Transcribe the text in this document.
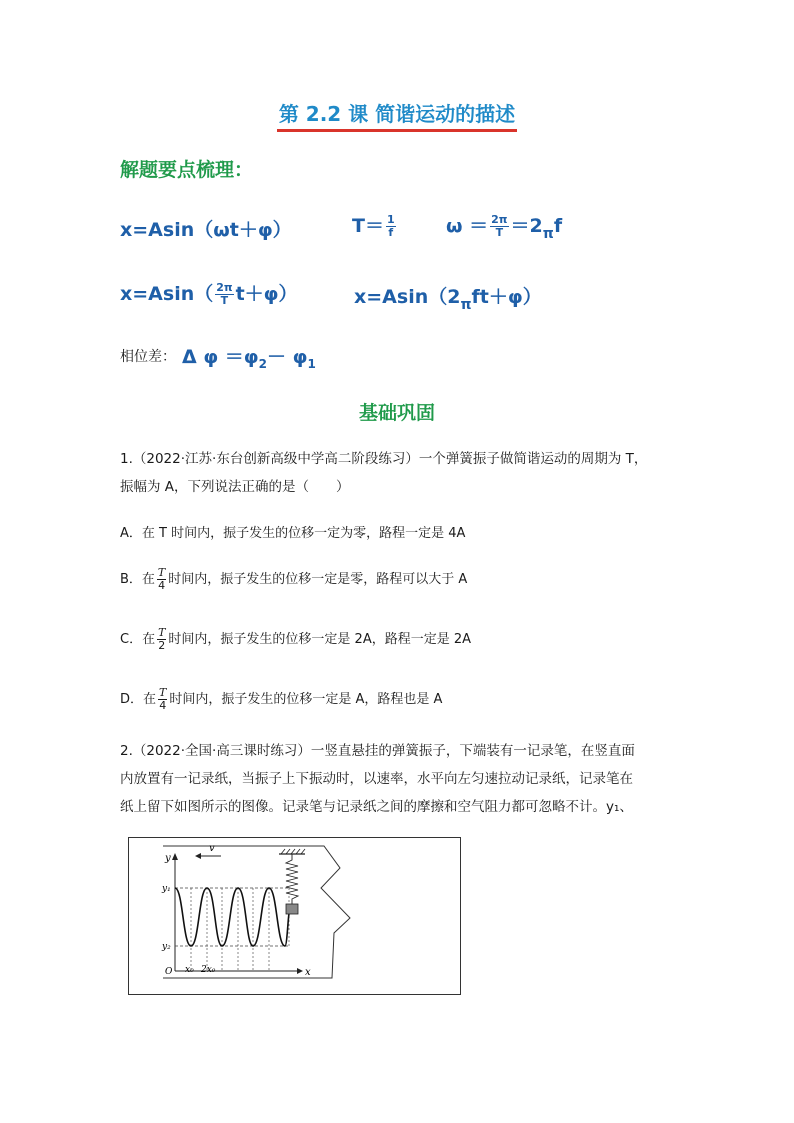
第 2.2 课 简谐运动的描述
解题要点梳理：
x=Asin（ωt＋φ）	$T= \frac{1}{f}$	$\omega = \frac{2\pi}{T} =2_\pi f$
$x=Asin( \frac{2\pi}{T} t+\varphi)$	$x=Asin(2_\pi ft+\varphi)$
相位差： Δ $\varphi =\varphi_2- \varphi_1$
基础巩固
1.（2022·江苏·东台创新高级中学高二阶段练习）一个弹簧振子做简谐运动的周期为 T，
振幅为 A，下列说法正确的是（　　）
A．在 T 时间内，振子发生的位移一定为零，路程一定是 4A
B．在 $\frac{T}{4}$ 时间内，振子发生的位移一定是零，路程可以大于 A
C．在 $\frac{T}{2}$ 时间内，振子发生的位移一定是 2A，路程一定是 2A
D．在 $\frac{T}{4}$ 时间内，振子发生的位移一定是 A，路程也是 A
2.（2022·全国·高三课时练习）一竖直悬挂的弹簧振子，下端装有一记录笔，在竖直面
内放置有一记录纸，当振子上下振动时，以速率，水平向左匀速拉动记录纸，记录笔在
纸上留下如图所示的图像。记录笔与记录纸之间的摩擦和空气阻力都可忽略不计。y₁、
v
y
x
y₁
y₂
O x₀ 2x₀
